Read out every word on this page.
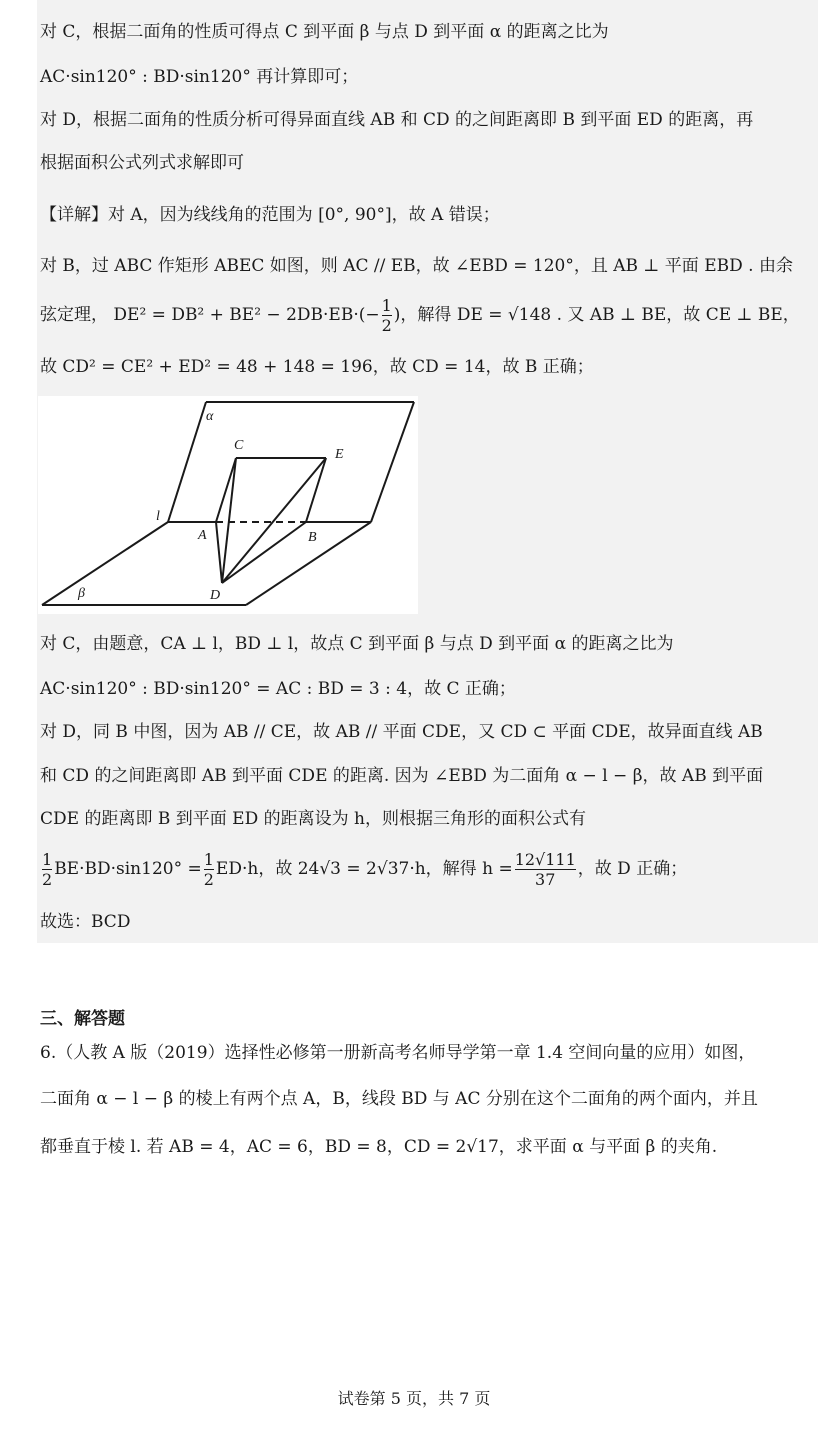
对 C，根据二面角的性质可得点 C 到平面 β 与点 D 到平面 α 的距离之比为
AC·sin120° : BD·sin120° 再计算即可；
对 D，根据二面角的性质分析可得异面直线 AB 和 CD 的之间距离即 B 到平面 ED 的距离，再
根据面积公式列式求解即可
【详解】对 A，因为线线角的范围为 [0°, 90°]，故 A 错误；
对 B，过 ABC 作矩形 ABEC 如图，则 AC // EB，故 ∠EBD = 120°，且 AB ⊥ 平面 EBD . 由余
弦定理， $DE^2 = DB^2 + BE^2 - 2DB\cdot EB\cdot(- \frac{1}{2}$ )，解得 DE = √148 . 又 AB ⊥ BE，故 CE ⊥ BE，
故 CD² = CE² + ED² = 48 + 148 = 196，故 CD = 14，故 B 正确；
α
C
E
l
A	B
β	D
对 C，由题意，CA ⊥ l，BD ⊥ l，故点 C 到平面 β 与点 D 到平面 α 的距离之比为
AC·sin120° : BD·sin120° = AC : BD = 3 : 4，故 C 正确；
对 D，同 B 中图，因为 AB // CE，故 AB // 平面 CDE，又 CD ⊂ 平面 CDE，故异面直线 AB
和 CD 的之间距离即 AB 到平面 CDE 的距离. 因为 ∠EBD 为二面角 α − l − β，故 AB 到平面
CDE 的距离即 B 到平面 ED 的距离设为 h，则根据三角形的面积公式有
$\frac{1}{2} BE\cdot BD\cdot\sin 120^\circ = \frac{1}{2} ED\cdot h$，故 24√3 = 2√37·h，解得 $h = \frac{12√111}{37}$ ，故 D 正确；
故选：BCD
三、解答题
6.（人教 A 版（2019）选择性必修第一册新高考名师导学第一章 1.4 空间向量的应用）如图，
二面角 α − l − β 的棱上有两个点 A，B，线段 BD 与 AC 分别在这个二面角的两个面内，并且
都垂直于棱 l. 若 AB = 4，AC = 6，BD = 8，CD = 2√17，求平面 α 与平面 β 的夹角.
试卷第 5 页，共 7 页
